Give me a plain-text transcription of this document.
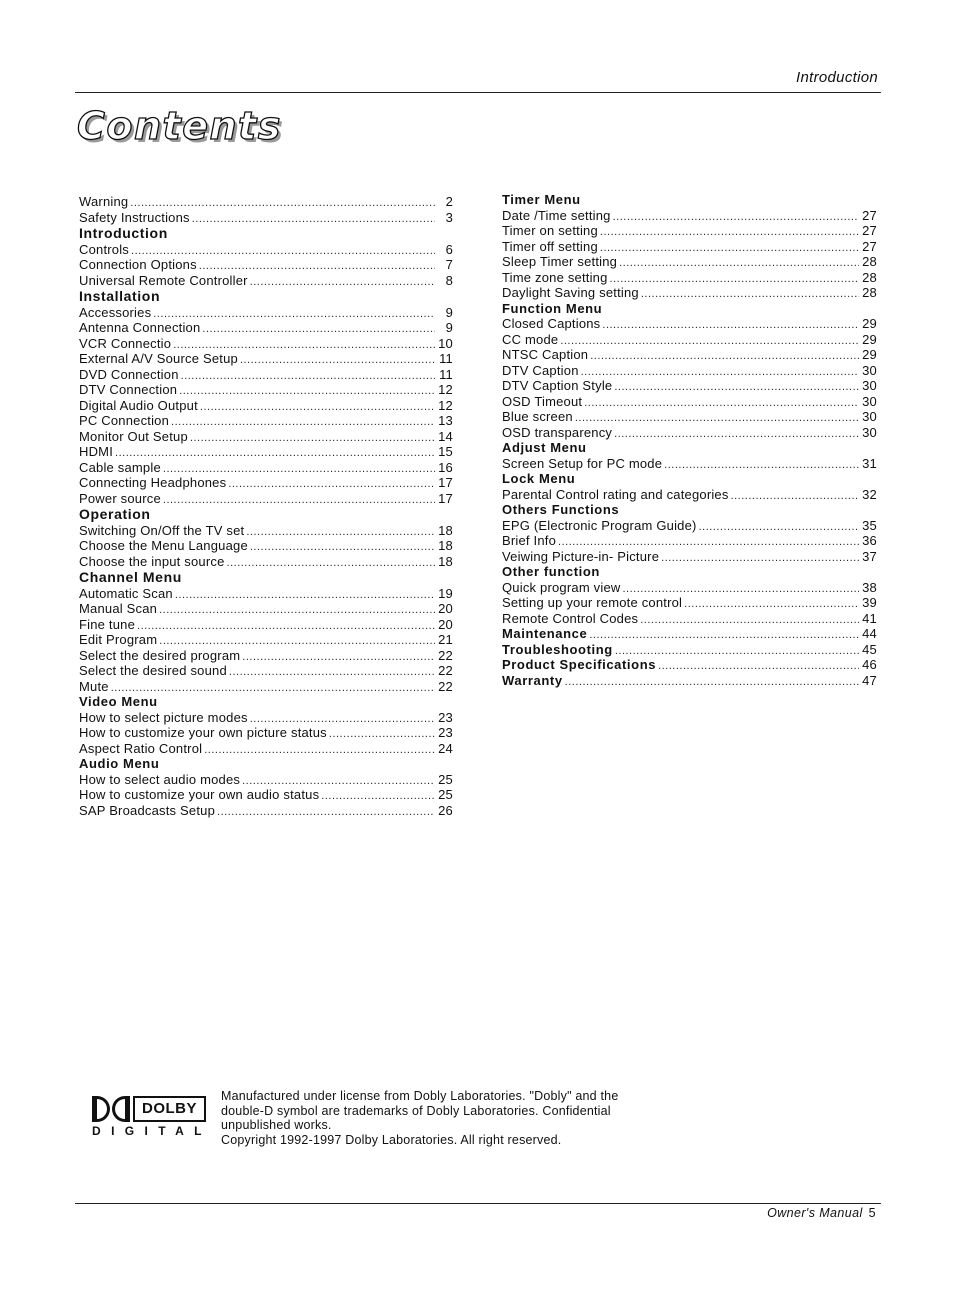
Introduction
Contents
Warning .....	2
Safety Instructions .....	3
Introduction
Controls .....	6
Connection Options .....	7
Universal Remote Controller .....	8
Installation
Accessories .....	9
Antenna Connection .....	9
VCR Connectio .....	10
External A/V Source Setup .....	11
DVD Connection .....	11
DTV Connection .....	12
Digital Audio Output .....	12
PC Connection .....	13
Monitor Out Setup .....	14
HDMI .....	15
Cable sample .....	16
Connecting Headphones .....	17
Power source .....	17
Operation
Switching On/Off the TV set .....	18
Choose the Menu Language .....	18
Choose the input source .....	18
Channel Menu
Automatic Scan .....	19
Manual Scan .....	20
Fine tune .....	20
Edit Program .....	21
Select the desired program .....	22
Select the desired sound .....	22
Mute .....	22
Video Menu
How to select picture modes .....	23
How to customize your own picture status .....	23
Aspect Ratio Control .....	24
Audio Menu
How to select audio modes .....	25
How to customize your own audio status .....	25
SAP Broadcasts Setup .....	26
Timer Menu
Date /Time setting .....	27
Timer on setting .....	27
Timer off setting .....	27
Sleep Timer setting .....	28
Time zone setting .....	28
Daylight Saving setting .....	28
Function Menu
Closed Captions .....	29
CC mode .....	29
NTSC Caption .....	29
DTV Caption .....	30
DTV Caption Style .....	30
OSD Timeout .....	30
Blue screen .....	30
OSD transparency .....	30
Adjust Menu
Screen Setup for PC mode .....	31
Lock Menu
Parental Control rating and categories .....	32
Others Functions
EPG (Electronic Program Guide) .....	35
Brief Info .....	36
Veiwing Picture-in- Picture .....	37
Other function
Quick program view .....	38
Setting up your remote control .....	39
Remote Control Codes .....	41
Maintenance .....	44
Troubleshooting .....	45
Product Specifications .....	46
Warranty .....	47
DOLBY
DIGITAL
Manufactured under license from Dobly Laboratories. "Dobly" and the
double-D symbol are trademarks of Dobly Laboratories. Confidential
unpublished works.
Copyright 1992-1997 Dolby Laboratories. All right reserved.
Owner's Manual 5
